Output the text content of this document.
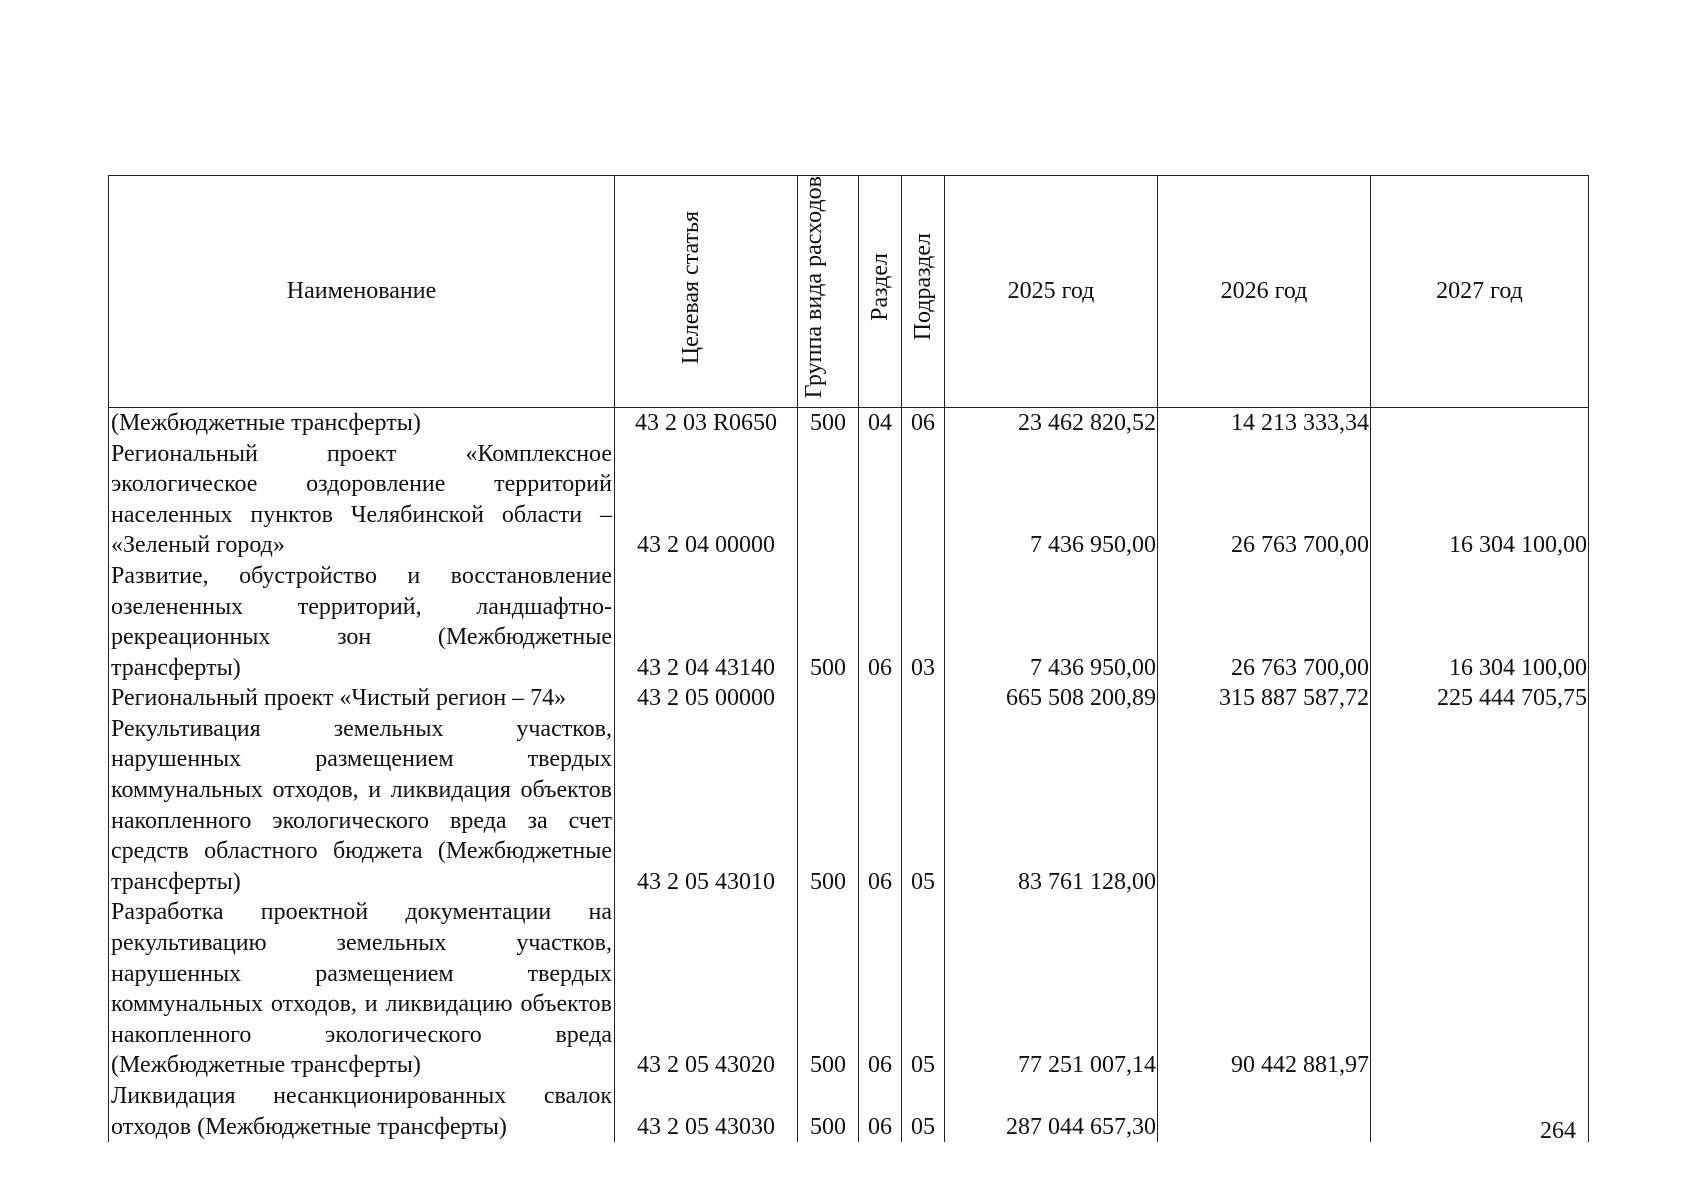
Наименование	Целевая статья	Группа вида расходов	Раздел	Подраздел	2025 год	2026 год	2027 год
(Межбюджетные трансферты)	43 2 03 R0650	500	04	06	23 462 820,52	14 213 333,34	
Региональный проект «Комплексное экологическое оздоровление территорий населенных пунктов Челябинской области – «Зеленый город»	43 2 04 00000				7 436 950,00	26 763 700,00	16 304 100,00
Развитие, обустройство и восстановление озелененных территорий, ландшафтно-рекреационных зон (Межбюджетные трансферты)	43 2 04 43140	500	06	03	7 436 950,00	26 763 700,00	16 304 100,00
Региональный проект «Чистый регион – 74»	43 2 05 00000				665 508 200,89	315 887 587,72	225 444 705,75
Рекультивация земельных участков, нарушенных размещением твердых коммунальных отходов, и ликвидация объектов накопленного экологического вреда за счет средств областного бюджета (Межбюджетные трансферты)	43 2 05 43010	500	06	05	83 761 128,00		
Разработка проектной документации на рекультивацию земельных участков, нарушенных размещением твердых коммунальных отходов, и ликвидацию объектов накопленного экологического вреда (Межбюджетные трансферты)	43 2 05 43020	500	06	05	77 251 007,14	90 442 881,97	
Ликвидация несанкционированных свалок отходов (Межбюджетные трансферты)	43 2 05 43030	500	06	05	287 044 657,30			264
